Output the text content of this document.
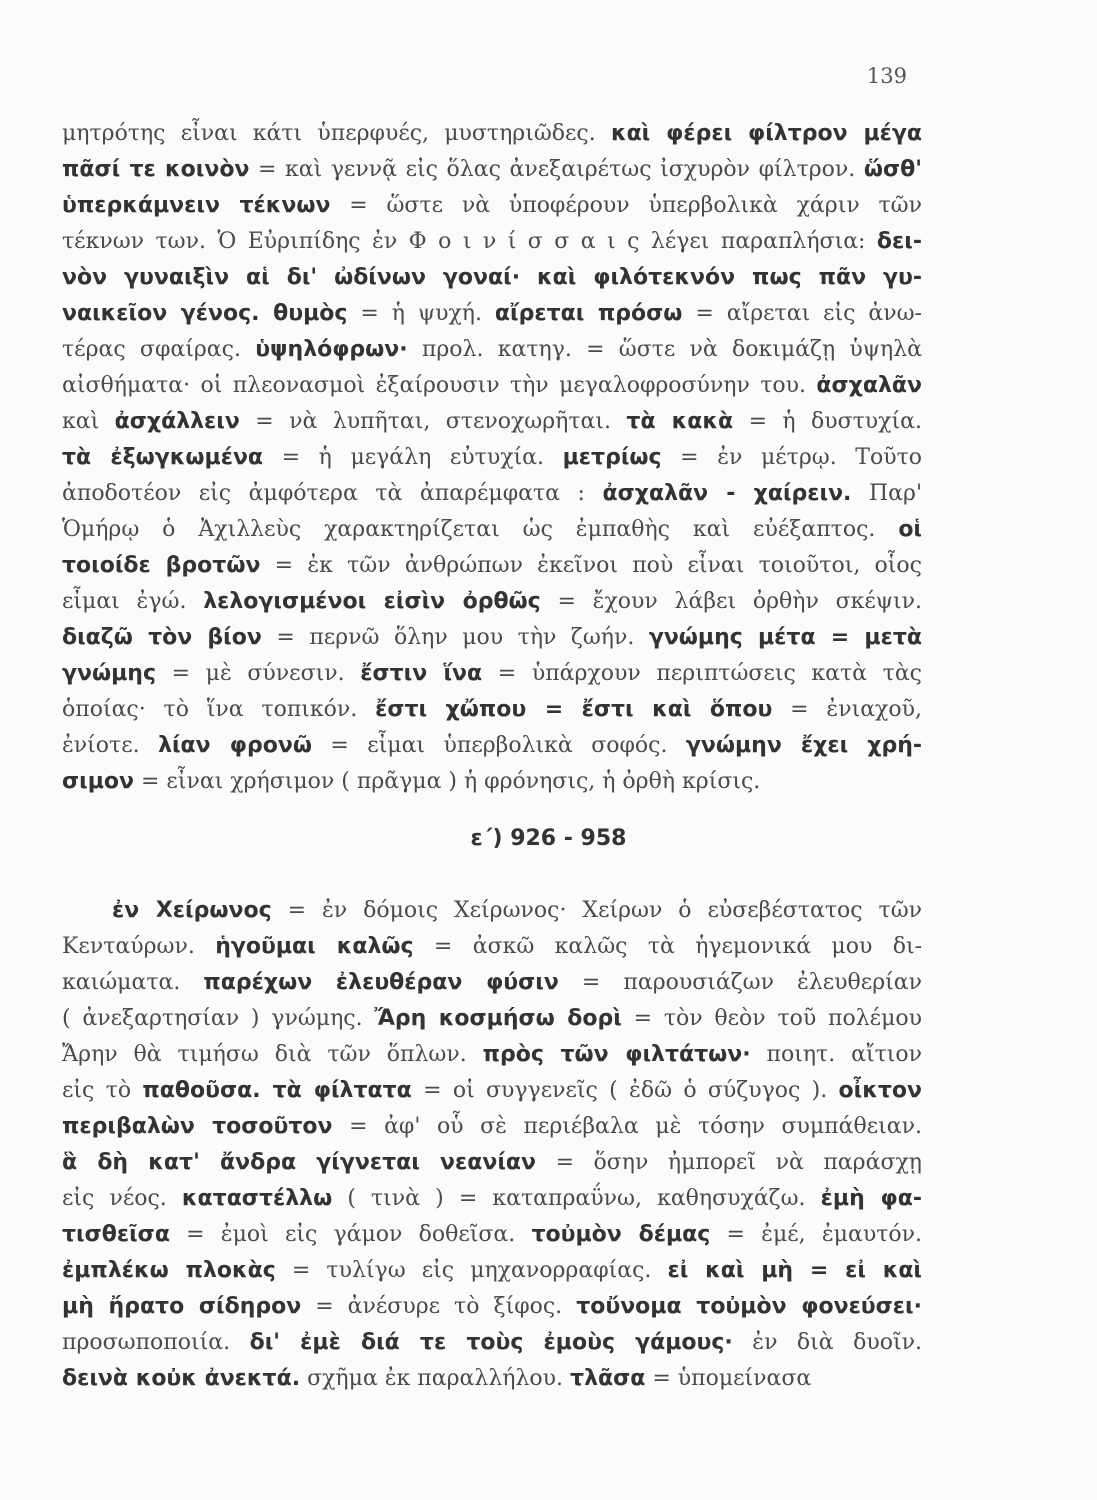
139
μητρότης εἶναι κάτι ὑπερφυές, μυστηριῶδες. καὶ φέρει φίλτρον μέγα
πᾶσί τε κοινὸν = καὶ γεννᾷ εἰς ὅλας ἀνεξαιρέτως ἰσχυρὸν φίλτρον. ὥσθ'
ὑπερκάμνειν τέκνων = ὥστε νὰ ὑποφέρουν ὑπερβολικὰ χάριν τῶν
τέκνων των. Ὁ Εὐριπίδης ἐν Φ ο ι ν ί σ σ α ι ς λέγει παραπλήσια: δει-
νὸν γυναιξὶν αἱ δι' ὠδίνων γοναί· καὶ φιλότεκνόν πως πᾶν γυ-
ναικεῖον γένος. θυμὸς = ἡ ψυχή. αἴρεται πρόσω = αἴρεται εἰς ἀνω-
τέρας σφαίρας. ὑψηλόφρων· προλ. κατηγ. = ὥστε νὰ δοκιμάζῃ ὑψηλὰ
αἰσθήματα· οἱ πλεονασμοὶ ἐξαίρουσιν τὴν μεγαλοφροσύνην του. ἀσχαλᾶν
καὶ ἀσχάλλειν = νὰ λυπῆται, στενοχωρῆται. τὰ κακὰ = ἡ δυστυχία.
τὰ ἐξωγκωμένα = ἡ μεγάλη εὐτυχία. μετρίως = ἐν μέτρῳ. Τοῦτο
ἀποδοτέον εἰς ἀμφότερα τὰ ἀπαρέμφατα : ἀσχαλᾶν - χαίρειν. Παρ'
Ὁμήρῳ ὁ Ἀχιλλεὺς χαρακτηρίζεται ὡς ἐμπαθὴς καὶ εὐέξαπτος. οἱ
τοιοίδε βροτῶν = ἐκ τῶν ἀνθρώπων ἐκεῖνοι ποὺ εἶναι τοιοῦτοι, οἷος
εἶμαι ἐγώ. λελογισμένοι εἰσὶν ὀρθῶς = ἔχουν λάβει ὀρθὴν σκέψιν.
διαζῶ τὸν βίον = περνῶ ὅλην μου τὴν ζωήν. γνώμης μέτα = μετὰ
γνώμης = μὲ σύνεσιν. ἔστιν ἵνα = ὑπάρχουν περιπτώσεις κατὰ τὰς
ὁποίας· τὸ ἵνα τοπικόν. ἔστι χὤπου = ἔστι καὶ ὅπου = ἐνιαχοῦ,
ἐνίοτε. λίαν φρονῶ = εἶμαι ὑπερβολικὰ σοφός. γνώμην ἔχει χρή-
σιμον = εἶναι χρήσιμον ( πρᾶγμα ) ἡ φρόνησις, ἡ ὀρθὴ κρίσις.
ε΄) 926 - 958
ἐν Χείρωνος = ἐν δόμοις Χείρωνος· Χείρων ὁ εὐσεβέστατος τῶν
Κενταύρων. ἡγοῦμαι καλῶς = ἀσκῶ καλῶς τὰ ἡγεμονικά μου δι-
καιώματα. παρέχων ἐλευθέραν φύσιν = παρουσιάζων ἐλευθερίαν
( ἀνεξαρτησίαν ) γνώμης. Ἄρη κοσμήσω δορὶ = τὸν θεὸν τοῦ πολέμου
Ἄρην θὰ τιμήσω διὰ τῶν ὅπλων. πρὸς τῶν φιλτάτων· ποιητ. αἴτιον
εἰς τὸ παθοῦσα. τὰ φίλτατα = οἱ συγγενεῖς ( ἐδῶ ὁ σύζυγος ). οἶκτον
περιβαλὼν τοσοῦτον = ἀφ' οὗ σὲ περιέβαλα μὲ τόσην συμπάθειαν.
ἃ δὴ κατ' ἄνδρα γίγνεται νεανίαν = ὅσην ἠμπορεῖ νὰ παράσχῃ
εἰς νέος. καταστέλλω ( τινὰ ) = καταπραΰνω, καθησυχάζω. ἐμὴ φα-
τισθεῖσα = ἐμοὶ εἰς γάμον δοθεῖσα. τοὐμὸν δέμας = ἐμέ, ἐμαυτόν.
ἐμπλέκω πλοκὰς = τυλίγω εἰς μηχανορραφίας. εἰ καὶ μὴ = εἰ καὶ
μὴ ἤρατο σίδηρον = ἀνέσυρε τὸ ξίφος. τοὔνομα τοὐμὸν φονεύσει·
προσωποποιία. δι' ἐμὲ διά τε τοὺς ἐμοὺς γάμους· ἐν διὰ δυοῖν.
δεινὰ κοὐκ ἀνεκτά. σχῆμα ἐκ παραλλήλου. τλᾶσα = ὑπομείνασα
